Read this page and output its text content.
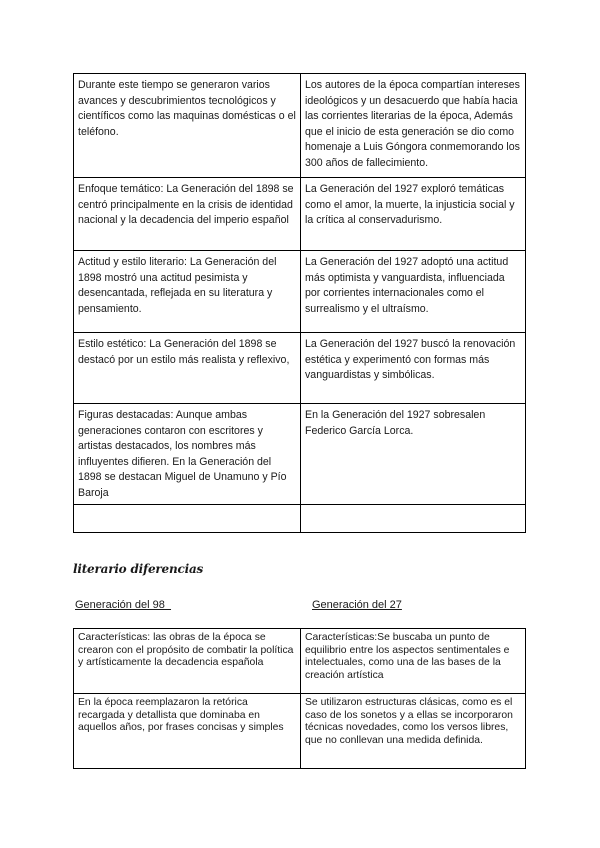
Durante este tiempo se generaron varios avances y descubrimientos tecnológicos y científicos como las maquinas domésticas o el teléfono.	Los autores de la época compartían intereses ideológicos y un desacuerdo que había hacia las corrientes literarias de la época, Además que el inicio de esta generación se dio como homenaje a Luis Góngora conmemorando los 300 años de fallecimiento.
Enfoque temático: La Generación del 1898 se centró principalmente en la crisis de identidad nacional y la decadencia del imperio español	La Generación del 1927 exploró temáticas como el amor, la muerte, la injusticia social y la crítica al conservadurismo.
Actitud y estilo literario: La Generación del 1898 mostró una actitud pesimista y desencantada, reflejada en su literatura y pensamiento.	La Generación del 1927 adoptó una actitud más optimista y vanguardista, influenciada por corrientes internacionales como el surrealismo y el ultraísmo.
Estilo estético: La Generación del 1898 se destacó por un estilo más realista y reflexivo,	La Generación del 1927 buscó la renovación estética y experimentó con formas más vanguardistas y simbólicas.
Figuras destacadas: Aunque ambas generaciones contaron con escritores y artistas destacados, los nombres más influyentes difieren. En la Generación del 1898 se destacan Miguel de Unamuno y Pío Baroja	En la Generación del 1927 sobresalen Federico García Lorca.

literario diferencias
Generación del 98	Generación del 27
Características: las obras de la época se crearon con el propósito de combatir la política y artísticamente la decadencia española	Características:Se buscaba un punto de equilibrio entre los aspectos sentimentales e intelectuales, como una de las bases de la creación artística
En la época reemplazaron la retórica recargada y detallista que dominaba en aquellos años, por frases concisas y simples	Se utilizaron estructuras clásicas, como es el caso de los sonetos y a ellas se incorporaron técnicas novedades, como los versos libres, que no conllevan una medida definida.
